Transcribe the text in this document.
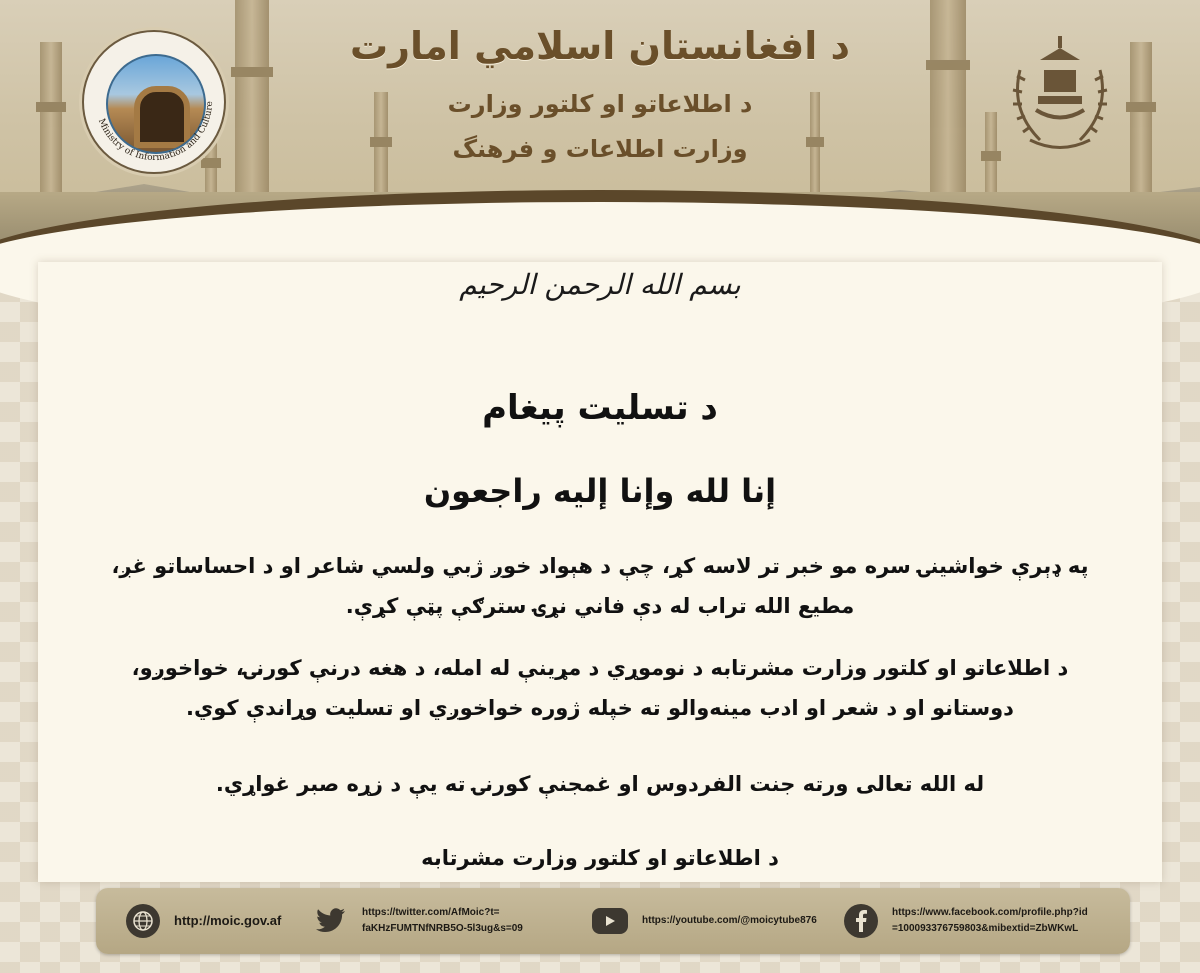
Ministry of Information and Culture
د افغانستان اسلامي امارت
د اطلاعاتو او کلتور وزارت
وزارت اطلاعات و فرهنگ
بسم الله الرحمن الرحيم
د تسليت پيغام
إنا لله وإنا إليه راجعون
په ډېرې خواشينۍ سره مو خبر تر لاسه کړ، چې د هېواد خوږ ژبي ولسي شاعر او د احساساتو غږ، مطيع الله تراب له دې فاني نړۍ سترګې پټې کړې.
د اطلاعاتو او کلتور وزارت مشرتابه د نوموړي د مړينې له امله، د هغه درنې کورنۍ، خواخوږو، دوستانو او د شعر او ادب مينه‌والو ته خپله ژوره خواخوږي او تسليت وړاندې کوي.
له الله تعالی ورته جنت الفردوس او غمجنې کورنۍ ته يې د زړه صبر غواړي.
د اطلاعاتو او کلتور وزارت مشرتابه
http://moic.gov.af
https://twitter.com/AfMoic?t=
faKHzFUMTNfNRB5O-5l3ug&s=09
https://youtube.com/@moicytube876
https://www.facebook.com/profile.php?id
=100093376759803&mibextid=ZbWKwL
